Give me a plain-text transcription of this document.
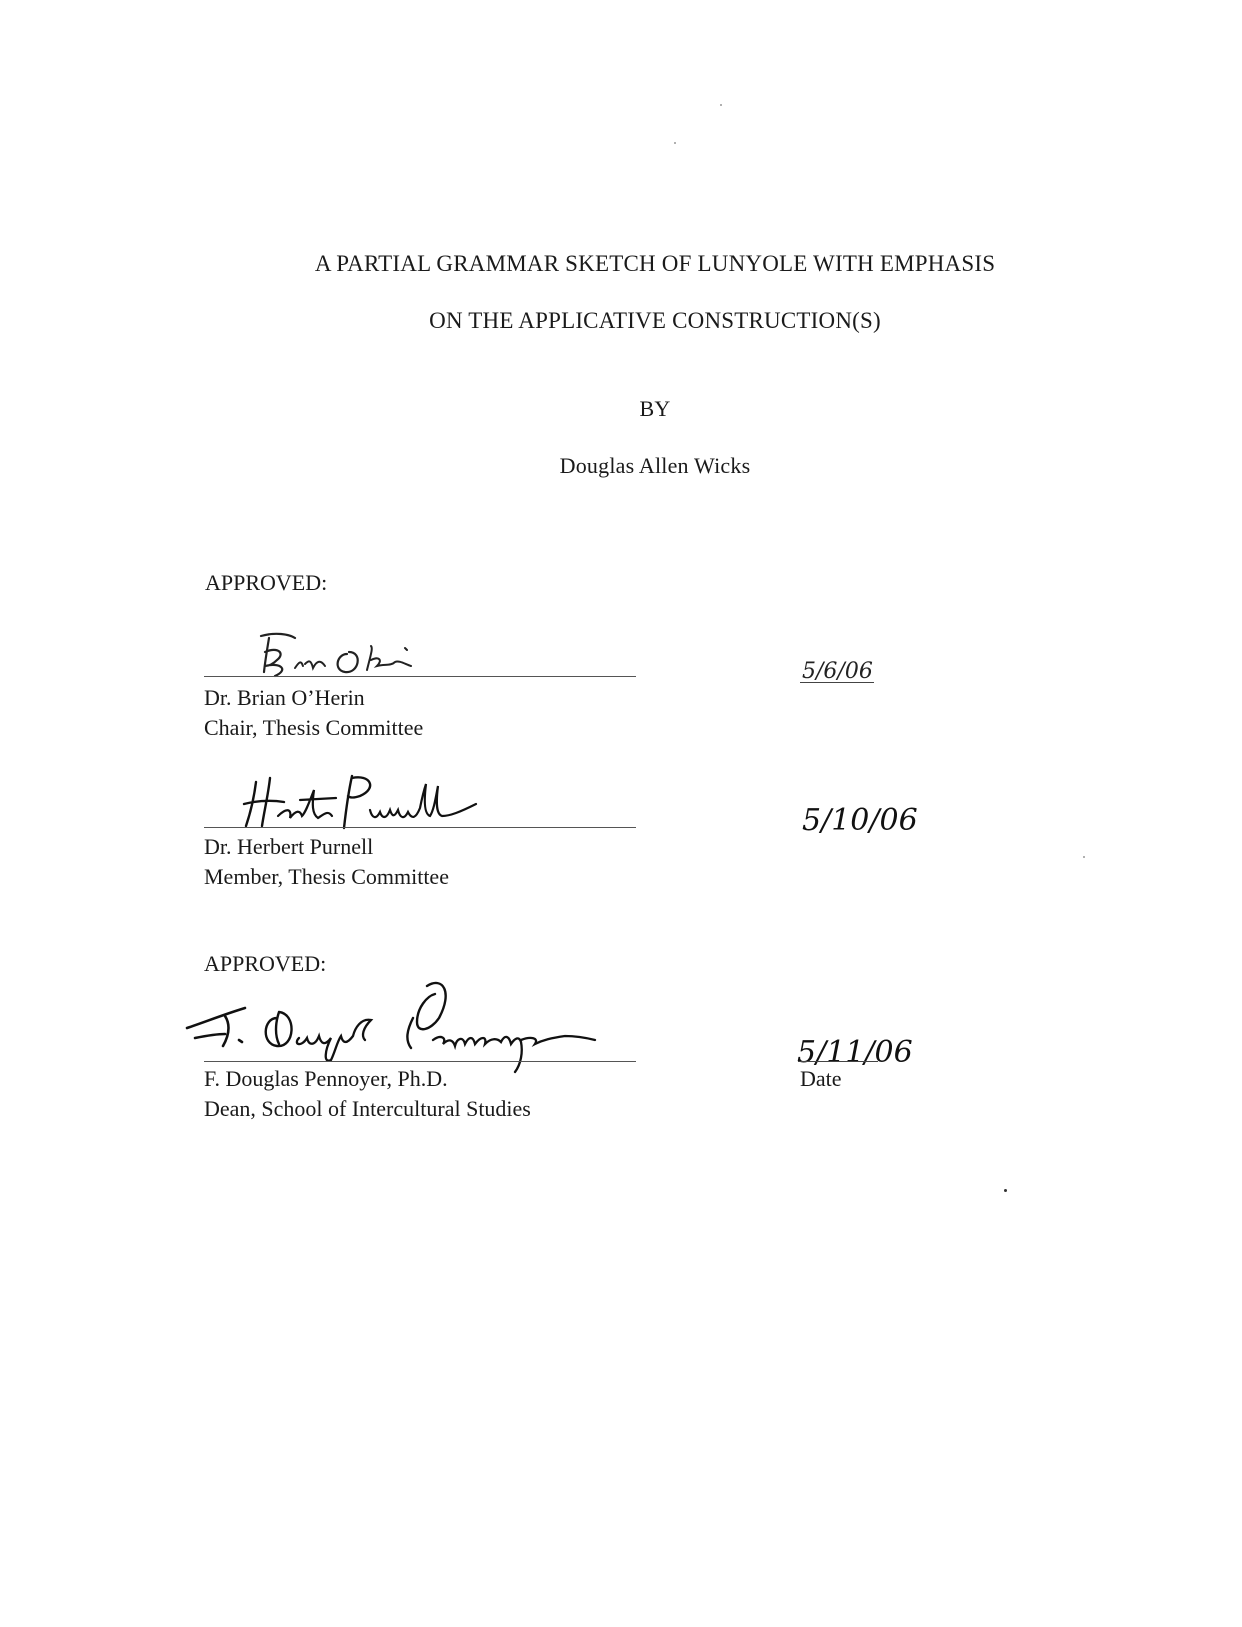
A PARTIAL GRAMMAR SKETCH OF LUNYOLE WITH EMPHASIS
ON THE APPLICATIVE CONSTRUCTION(S)
BY
Douglas Allen Wicks
APPROVED:
Dr. Brian O’Herin
Chair, Thesis Committee
5/6/06
Dr. Herbert Purnell
Member, Thesis Committee
5/10/06
APPROVED:
F. Douglas Pennoyer, Ph.D.
Dean, School of Intercultural Studies
5/11/06
Date
